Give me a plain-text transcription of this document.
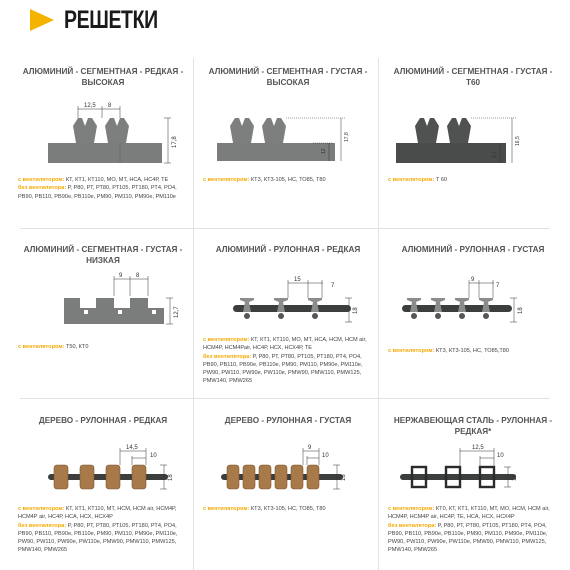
РЕШЕТКИ
АЛЮМИНИЙ - СЕГМЕНТНАЯ - РЕДКАЯ - ВЫСОКАЯ
12,5 8
17,8
с вентилятором: КТ, КТ1, КТ110, МО, МТ, НСА, НС4Р, ТЕ
без вентилятора: Р, Р80, РТ, РТ80, РТ105, РТ180, РТ4, РО4, РВ90, РВ110, РВ90е, РВ110е, РМ90, РМ110, РМ90е, РМ110е
АЛЮМИНИЙ - СЕГМЕНТНАЯ - ГУСТАЯ - ВЫСОКАЯ
12
17,8
с вентилятором: КТ3, КТ3-105, НС, ТО85, Т80
АЛЮМИНИЙ - СЕГМЕНТНАЯ - ГУСТАЯ - Т60
8,7
16,5
с вентилятором: Т 60
АЛЮМИНИЙ - СЕГМЕНТНАЯ - ГУСТАЯ - НИЗКАЯ
9 8
12,7
с вентилятором: Т50, КТ0
АЛЮМИНИЙ - РУЛОННАЯ - РЕДКАЯ
15
7
18
с вентилятором: КТ, КТ1, КТ110, МО, МТ, НСА, НСМ, НСМ air, НСМ4Р, НСМ4Раir, НС4Р, НСХ, НСХ4Р, ТЕ
без вентилятора: Р, Р80, РТ, РТ80, РТ105, РТ180, РТ4, РО4, РВ90, РВ110, РВ90е, РВ110е, РМ90, РМ110, РМ90е, РМ110е, PW90, PW110, PW90е, PW110е, PMW90, PMW110, PMW125, PMW140, PMW265
АЛЮМИНИЙ - РУЛОННАЯ - ГУСТАЯ
9
7
18
с вентилятором: КТ3, КТ3-105, НС, ТО85,Т80
ДЕРЕВО - РУЛОННАЯ - РЕДКАЯ
14,5
10
18
с вентилятором: КТ, КТ1, КТ110, МТ, НСМ, НСМ air, НСМ4Р, НСМ4Р air, НС4Р, НСА, НСХ, НСХ4Р
без вентилятора: Р, Р80, РТ, РТ80, РТ105, РТ180, РТ4, РО4, РВ90, РВ110, РВ90е, РВ110е, РМ90, РМ110, РМ90е, РМ110е, PW90, PW110, PW90е, PW110е, PMW90, PMW110, PMW125, PMW140, PMW265
ДЕРЕВО - РУЛОННАЯ - ГУСТАЯ
9
10
18
с вентилятором: КТ3, КТ3-105, НС, ТО85, Т80
НЕРЖАВЕЮЩАЯ СТАЛЬ - РУЛОННАЯ - РЕДКАЯ*
12,5
10
18
с вентилятором: КТ0, КТ, КТ1, КТ110, МТ, МО, НСМ, НСМ air, НСМ4Р, НСМ4Р air, НС4Р, ТЕ, НСА, НСХ, НСХ4Р
без вентилятора: Р, Р80, РТ, РТ80, РТ105, РТ180, РТ4, РО4, РВ90, РВ110, РВ90е, РВ110е, РМ90, РМ110, РМ90е, РМ110е, PW90, PW110, PW90е, PW110е, PMW90, PMW110, PMW125, PMW140, PMW265
